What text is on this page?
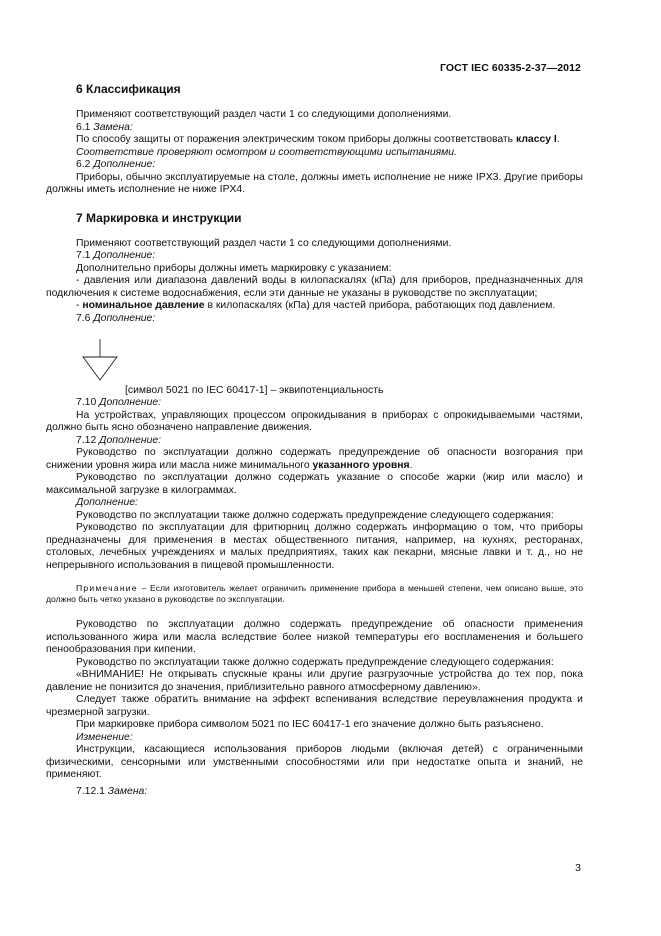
ГОСТ IEC 60335-2-37—2012
6 Классификация

Применяют соответствующий раздел части 1 со следующими дополнениями.

6.1 Замена:

По способу защиты от поражения электрическим током приборы должны соответствовать классу I.

Соответствие проверяют осмотром и соответствующими испытаниями.

6.2 Дополнение:

Приборы, обычно эксплуатируемые на столе, должны иметь исполнение не ниже IPX3. Другие приборы должны иметь исполнение не ниже IPX4.

7 Маркировка и инструкции

Применяют соответствующий раздел части 1 со следующими дополнениями.

7.1 Дополнение:

Дополнительно приборы должны иметь маркировку с указанием:

- давления или диапазона давлений воды в килопаскалях (кПа) для приборов, предназначенных для подключения к системе водоснабжения, если эти данные не указаны в руководстве по эксплуатации;

- номинальное давление в килопаскалях (кПа) для частей прибора, работающих под давлением.

7.6 Дополнение:

[символ 5021 по IEC 60417-1] – эквипотенциальность

7.10 Дополнение:

На устройствах, управляющих процессом опрокидывания в приборах с опрокидываемыми частями, должно быть ясно обозначено направление движения.

7.12 Дополнение:

Руководство по эксплуатации должно содержать предупреждение об опасности возгорания при снижении уровня жира или масла ниже минимального указанного уровня.

Руководство по эксплуатации должно содержать указание о способе жарки (жир или масло) и максимальной загрузке в килограммах.

Дополнение:

Руководство по эксплуатации также должно содержать предупреждение следующего содержания:

Руководство по эксплуатации для фритюрниц должно содержать информацию о том, что приборы предназначены для применения в местах общественного питания, например, на кухнях, ресторанах, столовых, лечебных учреждениях и малых предприятиях, таких как пекарни, мясные лавки и т. д., но не непрерывного использования в пищевой промышленности.

Примечание – Если изготовитель желает ограничить применение прибора в меньшей степени, чем описано выше, это должно быть четко указано в руководстве по эксплуатации.

Руководство по эксплуатации должно содержать предупреждение об опасности применения использованного жира или масла вследствие более низкой температуры его воспламенения и большего пенообразования при кипении.

Руководство по эксплуатации также должно содержать предупреждение следующего содержания:

«ВНИМАНИЕ! Не открывать спускные краны или другие разгрузочные устройства до тех пор, пока давление не понизится до значения, приблизительно равного атмосферному давлению».

Следует также обратить внимание на эффект вспенивания вследствие переувлажнения продукта и чрезмерной загрузки.

При маркировке прибора символом 5021 по IEC 60417-1 его значение должно быть разъяснено.

Изменение:

Инструкции, касающиеся использования приборов людьми (включая детей) с ограниченными физическими, сенсорными или умственными способностями или при недостатке опыта и знаний, не применяют.

7.12.1 Замена:

3
